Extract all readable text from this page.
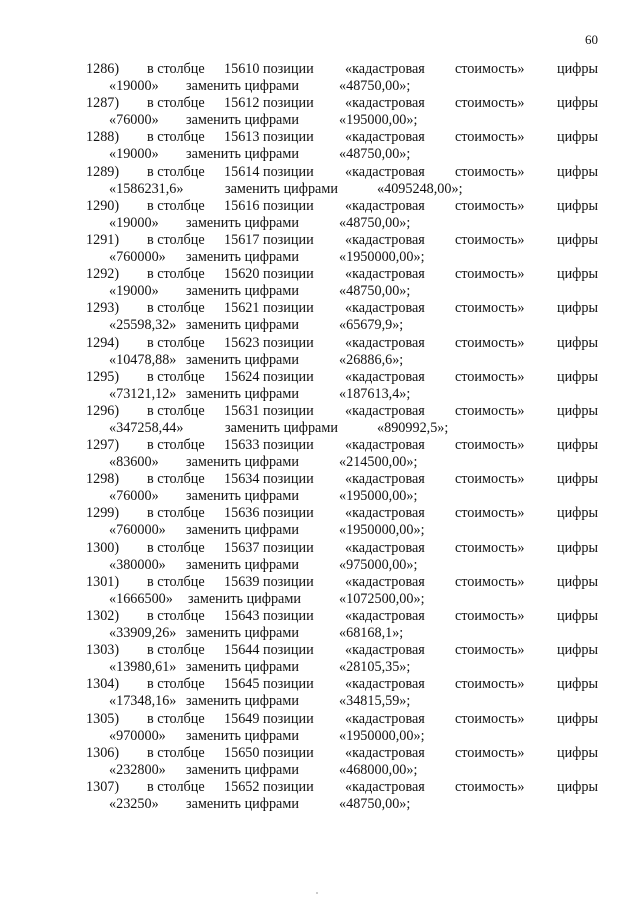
60
1286) в столбце 15610 позиции «кадастровая стоимость» цифры
«19000» заменить цифрами	«48750,00»;
1287) в столбце 15612 позиции «кадастровая стоимость» цифры
«76000» заменить цифрами	«195000,00»;
1288) в столбце 15613 позиции «кадастровая стоимость» цифры
«19000» заменить цифрами	«48750,00»;
1289) в столбце 15614 позиции «кадастровая стоимость» цифры
«1586231,6»	заменить цифрами	«4095248,00»;
1290) в столбце 15616 позиции «кадастровая стоимость» цифры
«19000» заменить цифрами	«48750,00»;
1291) в столбце 15617 позиции «кадастровая стоимость» цифры
«760000» заменить цифрами	«1950000,00»;
1292) в столбце 15620 позиции «кадастровая стоимость» цифры
«19000» заменить цифрами	«48750,00»;
1293) в столбце 15621 позиции «кадастровая стоимость» цифры
«25598,32» заменить цифрами	«65679,9»;
1294) в столбце 15623 позиции «кадастровая стоимость» цифры
«10478,88» заменить цифрами	«26886,6»;
1295) в столбце 15624 позиции «кадастровая стоимость» цифры
«73121,12» заменить цифрами	«187613,4»;
1296) в столбце 15631 позиции «кадастровая стоимость» цифры
«347258,44»	заменить цифрами	«890992,5»;
1297) в столбце 15633 позиции «кадастровая стоимость» цифры
«83600» заменить цифрами	«214500,00»;
1298) в столбце 15634 позиции «кадастровая стоимость» цифры
«76000» заменить цифрами	«195000,00»;
1299) в столбце 15636 позиции «кадастровая стоимость» цифры
«760000» заменить цифрами	«1950000,00»;
1300) в столбце 15637 позиции «кадастровая стоимость» цифры
«380000» заменить цифрами	«975000,00»;
1301) в столбце 15639 позиции «кадастровая стоимость» цифры
«1666500» заменить цифрами	«1072500,00»;
1302) в столбце 15643 позиции «кадастровая стоимость» цифры
«33909,26» заменить цифрами	«68168,1»;
1303) в столбце 15644 позиции «кадастровая стоимость» цифры
«13980,61» заменить цифрами	«28105,35»;
1304) в столбце 15645 позиции «кадастровая стоимость» цифры
«17348,16» заменить цифрами	«34815,59»;
1305) в столбце 15649 позиции «кадастровая стоимость» цифры
«970000» заменить цифрами	«1950000,00»;
1306) в столбце 15650 позиции «кадастровая стоимость» цифры
«232800» заменить цифрами	«468000,00»;
1307) в столбце 15652 позиции «кадастровая стоимость» цифры
«23250» заменить цифрами	«48750,00»;
